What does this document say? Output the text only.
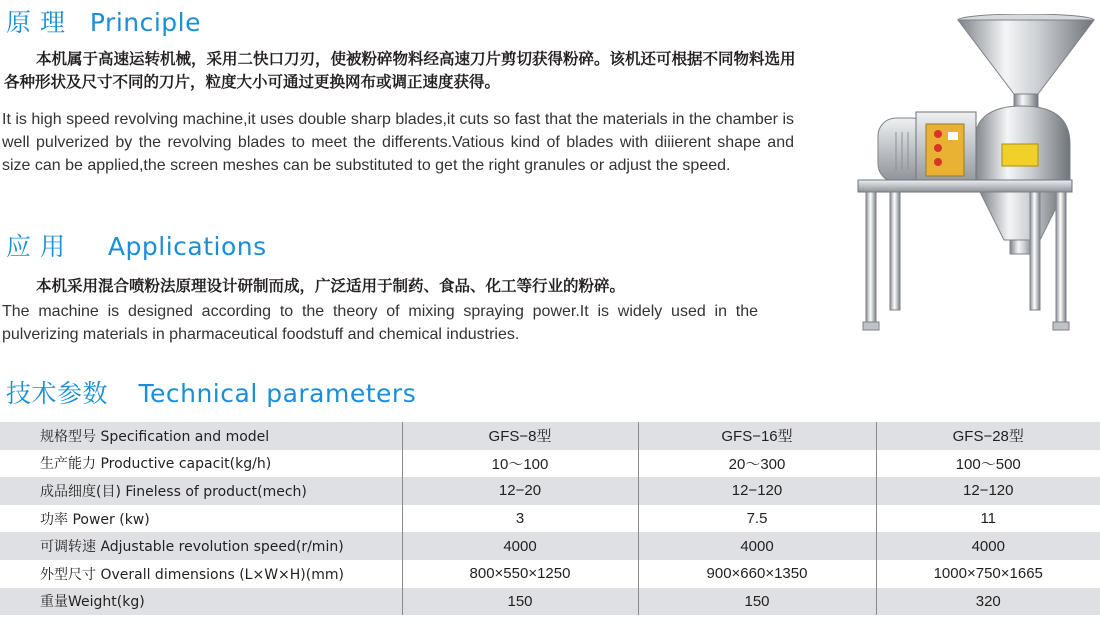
原 理 Principle
本机属于高速运转机械，采用二快口刀刃，使被粉碎物料经高速刀片剪切获得粉碎。该机还可根据不同物料选用各种形状及尺寸不同的刀片，粒度大小可通过更换网布或调正速度获得。
It is high speed revolving machine,it uses double sharp blades,it cuts so fast that the materials in the chamber is well pulverized by the revolving blades to meet the differents.Vatious kind of blades with diiierent shape and size can be applied,the screen meshes can be substituted to get the right granules or adjust the speed.
应 用 Applications
本机采用混合喷粉法原理设计研制而成，广泛适用于制药、食品、化工等行业的粉碎。
The machine is designed according to the theory of mixing spraying power.It is widely used in the pulverizing materials in pharmaceutical foodstuff and chemical industries.
技术参数 Technical parameters
规格型号 Specification and model	GFS−8型	GFS−16型	GFS−28型
生产能力 Productive capacit(kg/h)	10～100	20～300	100～500
成品细度(目) Fineless of product(mech)	12−20	12−120	12−120
功率 Power (kw)	3	7.5	11
可调转速 Adjustable revolution speed(r/min)	4000	4000	4000
外型尺寸 Overall dimensions (L×W×H)(mm)	800×550×1250	900×660×1350	1000×750×1665
重量Weight(kg)	150	150	320
